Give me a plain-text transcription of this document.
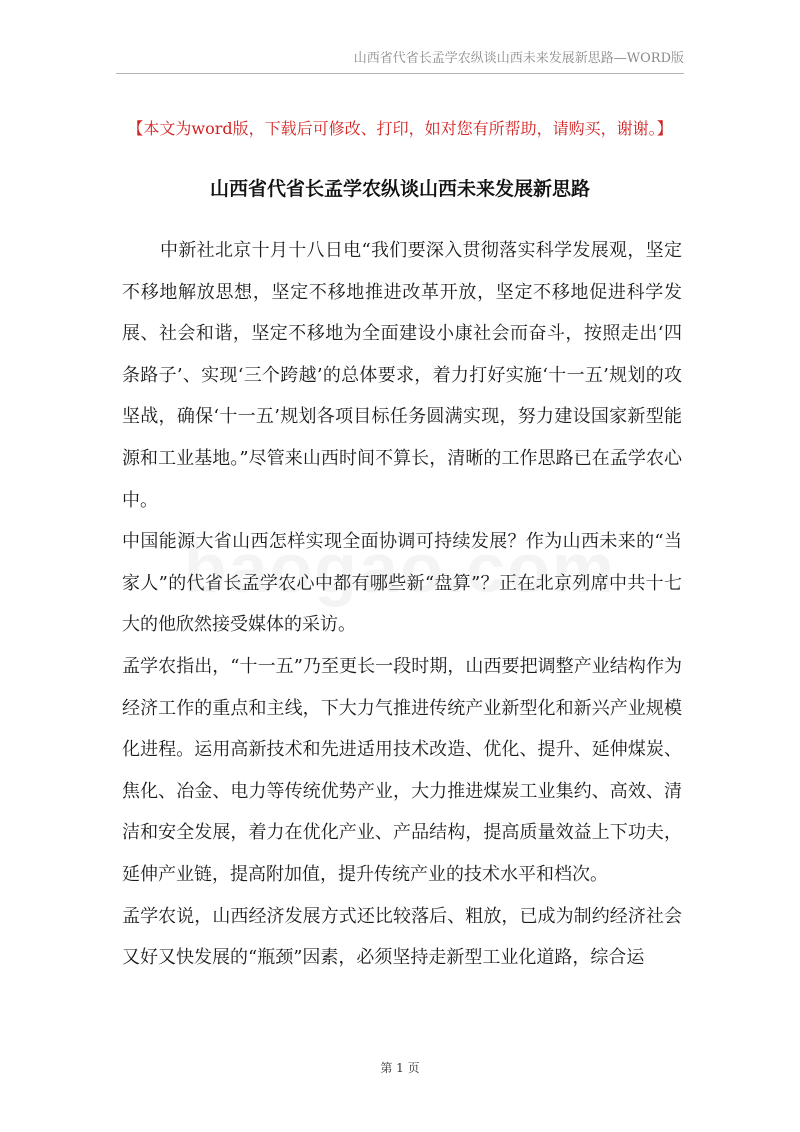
山西省代省长孟学农纵谈山西未来发展新思路—WORD版
【本文为word版，下载后可修改、打印，如对您有所帮助，请购买，谢谢。】
山西省代省长孟学农纵谈山西未来发展新思路

中新社北京十月十八日电“我们要深入贯彻落实科学发展观，坚定不移地解放思想，坚定不移地推进改革开放，坚定不移地促进科学发展、社会和谐，坚定不移地为全面建设小康社会而奋斗，按照走出‘四条路子’、实现‘三个跨越’的总体要求，着力打好实施‘十一五’规划的攻坚战，确保‘十一五’规划各项目标任务圆满实现，努力建设国家新型能源和工业基地。”尽管来山西时间不算长，清晰的工作思路已在孟学农心中。

中国能源大省山西怎样实现全面协调可持续发展？作为山西未来的“当家人”的代省长孟学农心中都有哪些新“盘算”？正在北京列席中共十七大的他欣然接受媒体的采访。

孟学农指出，“十一五”乃至更长一段时期，山西要把调整产业结构作为经济工作的重点和主线，下大力气推进传统产业新型化和新兴产业规模化进程。运用高新技术和先进适用技术改造、优化、提升、延伸煤炭、焦化、冶金、电力等传统优势产业，大力推进煤炭工业集约、高效、清洁和安全发展，着力在优化产业、产品结构，提高质量效益上下功夫，延伸产业链，提高附加值，提升传统产业的技术水平和档次。

孟学农说，山西经济发展方式还比较落后、粗放，已成为制约经济社会又好又快发展的“瓶颈”因素，必须坚持走新型工业化道路，综合运

第 1 页
